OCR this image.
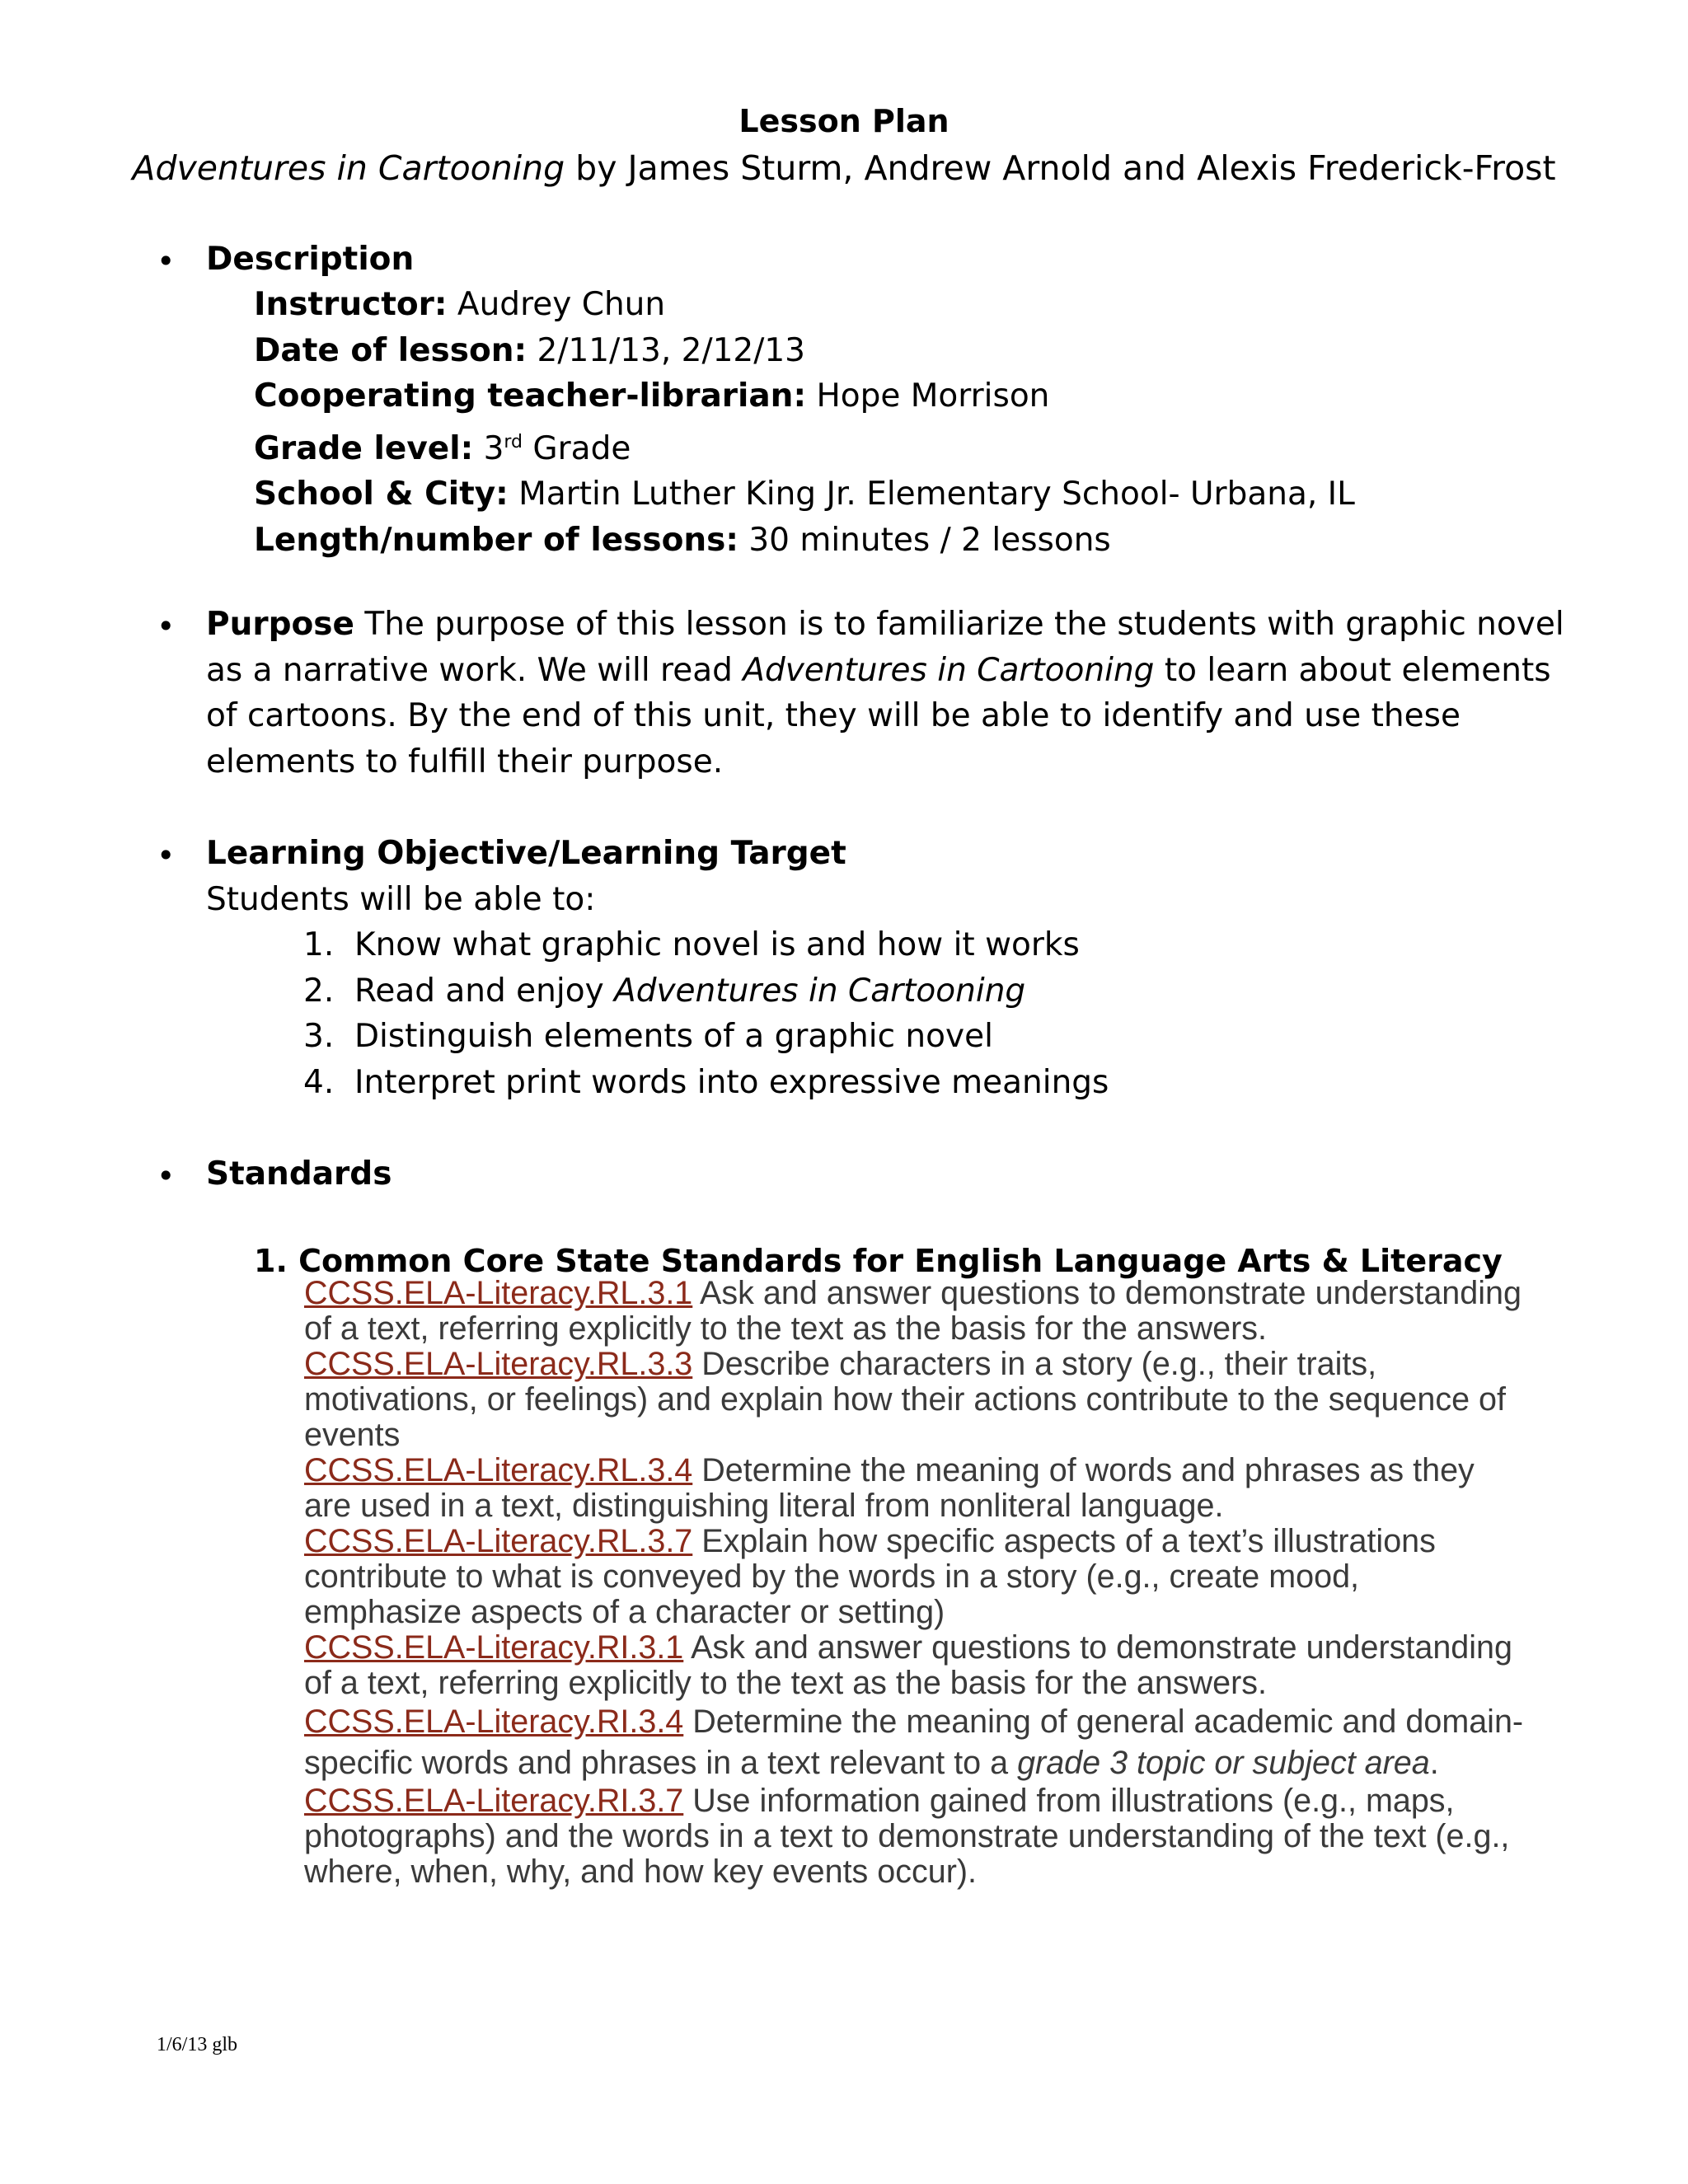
Lesson Plan
Adventures in Cartooning by James Sturm, Andrew Arnold and Alexis Frederick-Frost
• Description
Instructor: Audrey Chun
Date of lesson: 2/11/13, 2/12/13
Cooperating teacher-librarian: Hope Morrison
Grade level: 3rd Grade
School & City: Martin Luther King Jr. Elementary School- Urbana, IL
Length/number of lessons: 30 minutes / 2 lessons
• Purpose The purpose of this lesson is to familiarize the students with graphic novel
as a narrative work. We will read Adventures in Cartooning to learn about elements
of cartoons. By the end of this unit, they will be able to identify and use these
elements to fulfill their purpose.
• Learning Objective/Learning Target
Students will be able to:
1. Know what graphic novel is and how it works
2. Read and enjoy Adventures in Cartooning
3. Distinguish elements of a graphic novel
4. Interpret print words into expressive meanings
• Standards
1. Common Core State Standards for English Language Arts & Literacy

CCSS.ELA-Literacy.RL.3.1 Ask and answer questions to demonstrate understanding of a text, referring explicitly to the text as the basis for the answers.

CCSS.ELA-Literacy.RL.3.3 Describe characters in a story (e.g., their traits, motivations, or feelings) and explain how their actions contribute to the sequence of events

CCSS.ELA-Literacy.RL.3.4 Determine the meaning of words and phrases as they are used in a text, distinguishing literal from nonliteral language.

CCSS.ELA-Literacy.RL.3.7 Explain how specific aspects of a text’s illustrations contribute to what is conveyed by the words in a story (e.g., create mood, emphasize aspects of a character or setting)

CCSS.ELA-Literacy.RI.3.1 Ask and answer questions to demonstrate understanding of a text, referring explicitly to the text as the basis for the answers.

CCSS.ELA-Literacy.RI.3.4 Determine the meaning of general academic and domain-specific words and phrases in a text relevant to a grade 3 topic or subject area.

CCSS.ELA-Literacy.RI.3.7 Use information gained from illustrations (e.g., maps, photographs) and the words in a text to demonstrate understanding of the text (e.g., where, when, why, and how key events occur).

1/6/13 glb
